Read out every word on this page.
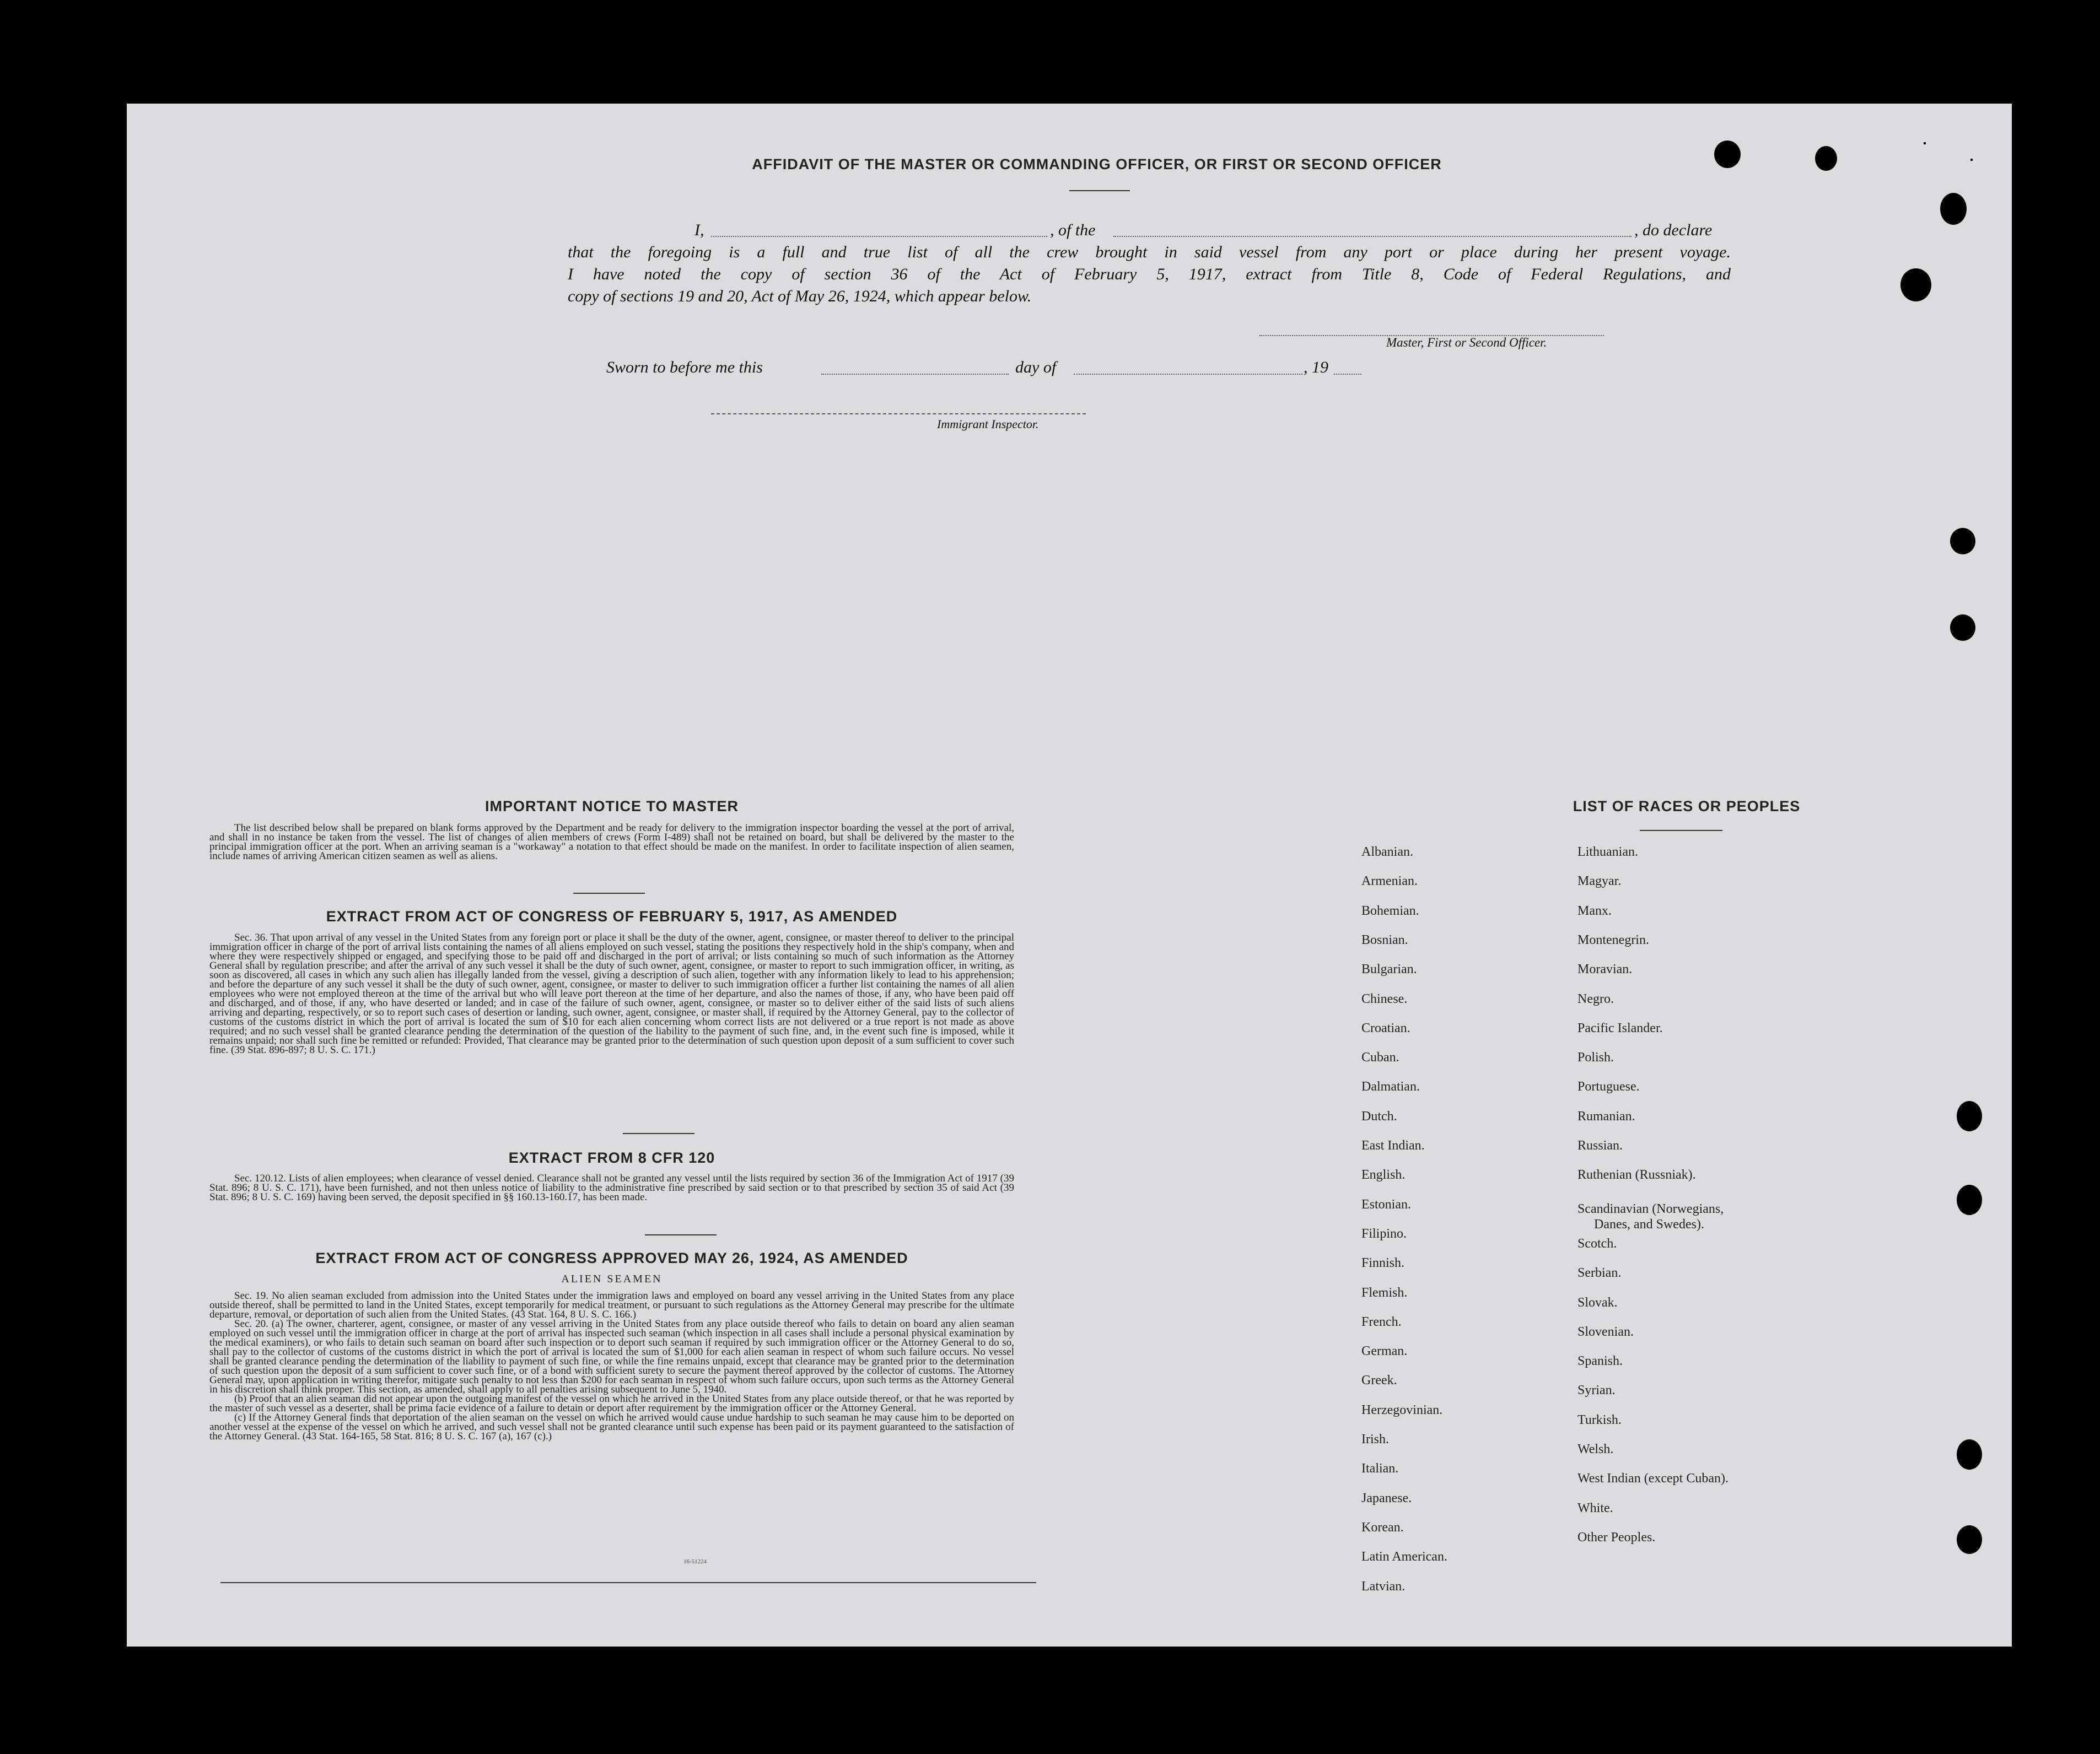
AFFIDAVIT OF THE MASTER OR COMMANDING OFFICER, OR FIRST OR SECOND OFFICER
I,	, of the	, do declare
that the foregoing is a full and true list of all the crew brought in said vessel from any port or place during her present voyage.
I have noted the copy of section 36 of the Act of February 5, 1917, extract from Title 8, Code of Federal Regulations, and
copy of sections 19 and 20, Act of May 26, 1924, which appear below.
Master, First or Second Officer.
Sworn to before me this	day of	, 19
Immigrant Inspector.
IMPORTANT NOTICE TO MASTER
The list described below shall be prepared on blank forms approved by the Department and be ready for delivery to the immigration inspector boarding the vessel at the port of arrival, and shall in no instance be taken from the vessel. The list of changes of alien members of crews (Form I-489) shall not be retained on board, but shall be delivered by the master to the principal immigration officer at the port. When an arriving seaman is a "workaway" a notation to that effect should be made on the manifest. In order to facilitate inspection of alien seamen, include names of arriving American citizen seamen as well as aliens.
EXTRACT FROM ACT OF CONGRESS OF FEBRUARY 5, 1917, AS AMENDED
Sec. 36. That upon arrival of any vessel in the United States from any foreign port or place it shall be the duty of the owner, agent, consignee, or master thereof to deliver to the principal immigration officer in charge of the port of arrival lists containing the names of all aliens employed on such vessel, stating the positions they respectively hold in the ship's company, when and where they were respectively shipped or engaged, and specifying those to be paid off and discharged in the port of arrival; or lists containing so much of such information as the Attorney General shall by regulation prescribe; and after the arrival of any such vessel it shall be the duty of such owner, agent, consignee, or master to report to such immigration officer, in writing, as soon as discovered, all cases in which any such alien has illegally landed from the vessel, giving a description of such alien, together with any information likely to lead to his apprehension; and before the departure of any such vessel it shall be the duty of such owner, agent, consignee, or master to deliver to such immigration officer a further list containing the names of all alien employees who were not employed thereon at the time of the arrival but who will leave port thereon at the time of her departure, and also the names of those, if any, who have been paid off and discharged, and of those, if any, who have deserted or landed; and in case of the failure of such owner, agent, consignee, or master so to deliver either of the said lists of such aliens arriving and departing, respectively, or so to report such cases of desertion or landing, such owner, agent, consignee, or master shall, if required by the Attorney General, pay to the collector of customs of the customs district in which the port of arrival is located the sum of $10 for each alien concerning whom correct lists are not delivered or a true report is not made as above required; and no such vessel shall be granted clearance pending the determination of the question of the liability to the payment of such fine, and, in the event such fine is imposed, while it remains unpaid; nor shall such fine be remitted or refunded: Provided, That clearance may be granted prior to the determination of such question upon deposit of a sum sufficient to cover such fine. (39 Stat. 896-897; 8 U. S. C. 171.)
EXTRACT FROM 8 CFR 120
Sec. 120.12. Lists of alien employees; when clearance of vessel denied. Clearance shall not be granted any vessel until the lists required by section 36 of the Immigration Act of 1917 (39 Stat. 896; 8 U. S. C. 171), have been furnished, and not then unless notice of liability to the administrative fine prescribed by said section or to that prescribed by section 35 of said Act (39 Stat. 896; 8 U. S. C. 169) having been served, the deposit specified in §§ 160.13-160.17, has been made.
EXTRACT FROM ACT OF CONGRESS APPROVED MAY 26, 1924, AS AMENDED
ALIEN SEAMEN
Sec. 19. No alien seaman excluded from admission into the United States under the immigration laws and employed on board any vessel arriving in the United States from any place outside thereof, shall be permitted to land in the United States, except temporarily for medical treatment, or pursuant to such regulations as the Attorney General may prescribe for the ultimate departure, removal, or deportation of such alien from the United States. (43 Stat. 164, 8 U. S. C. 166.)
Sec. 20. (a) The owner, charterer, agent, consignee, or master of any vessel arriving in the United States from any place outside thereof who fails to detain on board any alien seaman employed on such vessel until the immigration officer in charge at the port of arrival has inspected such seaman (which inspection in all cases shall include a personal physical examination by the medical examiners), or who fails to detain such seaman on board after such inspection or to deport such seaman if required by such immigration officer or the Attorney General to do so, shall pay to the collector of customs of the customs district in which the port of arrival is located the sum of $1,000 for each alien seaman in respect of whom such failure occurs. No vessel shall be granted clearance pending the determination of the liability to payment of such fine, or while the fine remains unpaid, except that clearance may be granted prior to the determination of such question upon the deposit of a sum sufficient to cover such fine, or of a bond with sufficient surety to secure the payment thereof approved by the collector of customs. The Attorney General may, upon application in writing therefor, mitigate such penalty to not less than $200 for each seaman in respect of whom such failure occurs, upon such terms as the Attorney General in his discretion shall think proper. This section, as amended, shall apply to all penalties arising subsequent to June 5, 1940.
(b) Proof that an alien seaman did not appear upon the outgoing manifest of the vessel on which he arrived in the United States from any place outside thereof, or that he was reported by the master of such vessel as a deserter, shall be prima facie evidence of a failure to detain or deport after requirement by the immigration officer or the Attorney General.
(c) If the Attorney General finds that deportation of the alien seaman on the vessel on which he arrived would cause undue hardship to such seaman he may cause him to be deported on another vessel at the expense of the vessel on which he arrived, and such vessel shall not be granted clearance until such expense has been paid or its payment guaranteed to the satisfaction of the Attorney General. (43 Stat. 164-165, 58 Stat. 816; 8 U. S. C. 167 (a), 167 (c).)
16-51224
LIST OF RACES OR PEOPLES
Albanian.
Armenian.
Bohemian.
Bosnian.
Bulgarian.
Chinese.
Croatian.
Cuban.
Dalmatian.
Dutch.
East Indian.
English.
Estonian.
Filipino.
Finnish.
Flemish.
French.
German.
Greek.
Herzegovinian.
Irish.
Italian.
Japanese.
Korean.
Latin American.
Latvian.
Lithuanian.
Magyar.
Manx.
Montenegrin.
Moravian.
Negro.
Pacific Islander.
Polish.
Portuguese.
Rumanian.
Russian.
Ruthenian (Russniak).
Scandinavian (Norwegians,
Danes, and Swedes).
Scotch.
Serbian.
Slovak.
Slovenian.
Spanish.
Syrian.
Turkish.
Welsh.
West Indian (except Cuban).
White.
Other Peoples.
